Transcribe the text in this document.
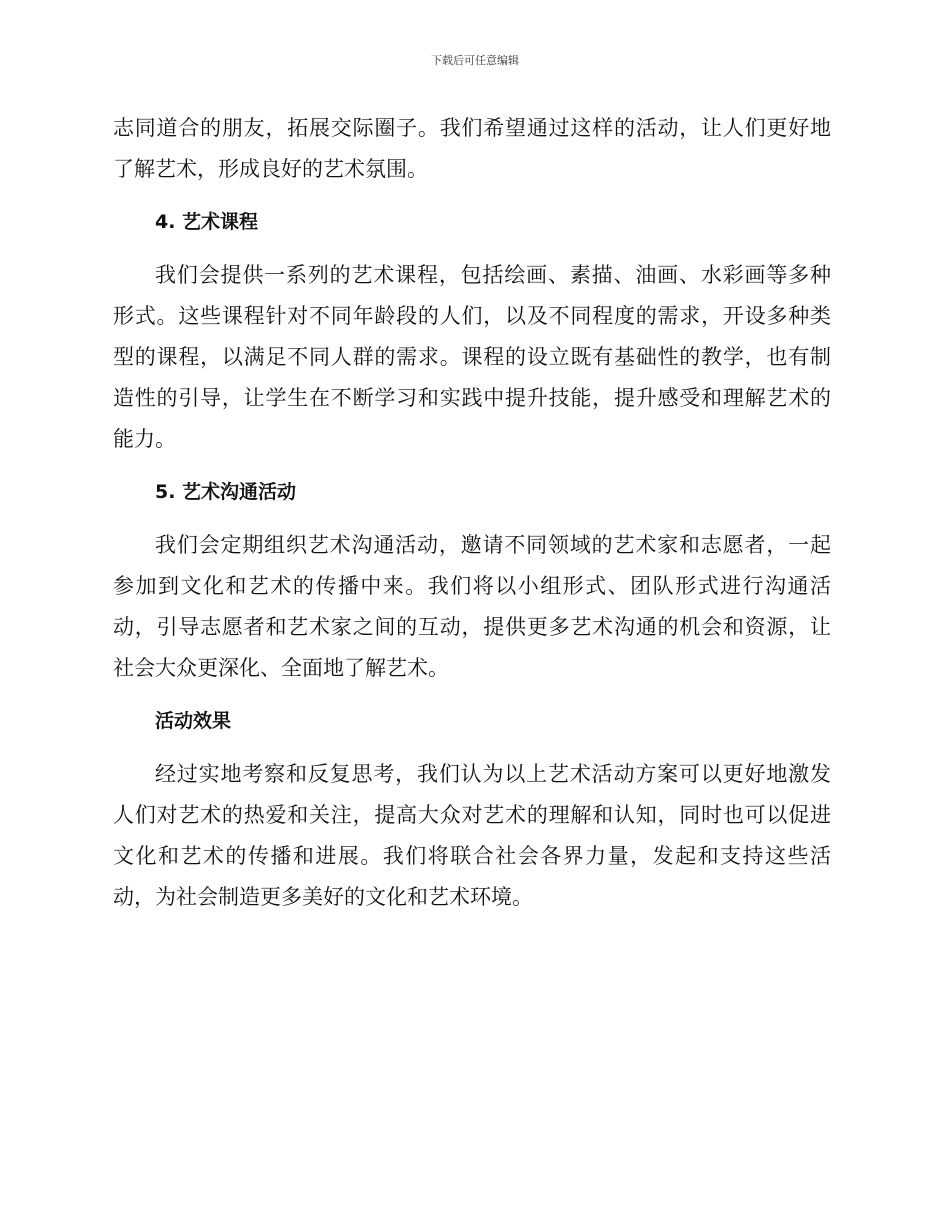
下载后可任意编辑
志同道合的朋友，拓展交际圈子。我们希望通过这样的活动，让人们更好地
了解艺术，形成良好的艺术氛围。
4. 艺术课程
我们会提供一系列的艺术课程，包括绘画、素描、油画、水彩画等多种
形式。这些课程针对不同年龄段的人们，以及不同程度的需求，开设多种类
型的课程，以满足不同人群的需求。课程的设立既有基础性的教学，也有制
造性的引导，让学生在不断学习和实践中提升技能，提升感受和理解艺术的
能力。
5. 艺术沟通活动
我们会定期组织艺术沟通活动，邀请不同领域的艺术家和志愿者，一起
参加到文化和艺术的传播中来。我们将以小组形式、团队形式进行沟通活
动，引导志愿者和艺术家之间的互动，提供更多艺术沟通的机会和资源，让
社会大众更深化、全面地了解艺术。
活动效果
经过实地考察和反复思考，我们认为以上艺术活动方案可以更好地激发
人们对艺术的热爱和关注，提高大众对艺术的理解和认知，同时也可以促进
文化和艺术的传播和进展。我们将联合社会各界力量，发起和支持这些活
动，为社会制造更多美好的文化和艺术环境。
